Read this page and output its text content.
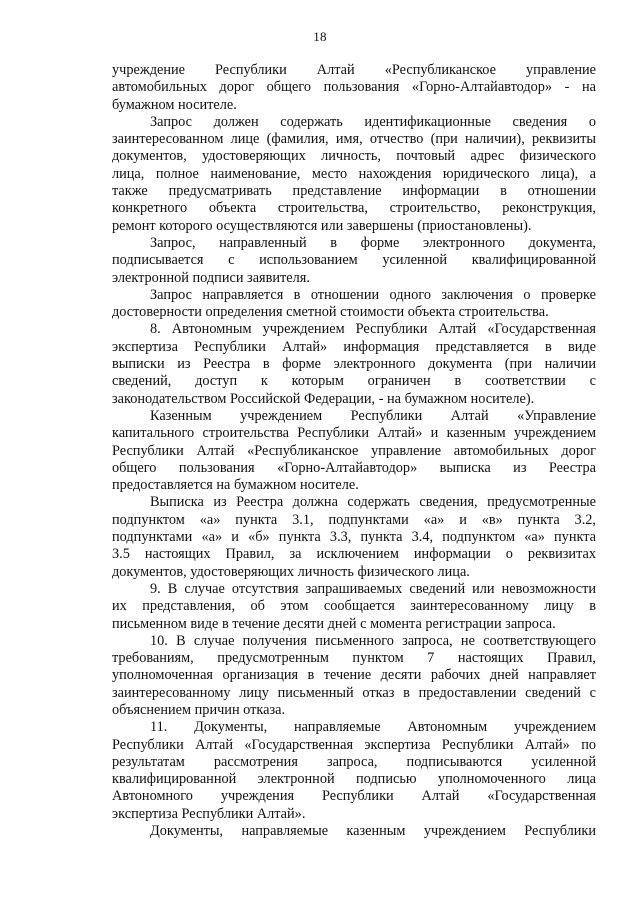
18
учреждение Республики Алтай «Республиканское управление
автомобильных дорог общего пользования «Горно-Алтайавтодор» - на
бумажном носителе.
Запрос должен содержать идентификационные сведения о
заинтересованном лице (фамилия, имя, отчество (при наличии), реквизиты
документов, удостоверяющих личность, почтовый адрес физического
лица, полное наименование, место нахождения юридического лица), а
также предусматривать представление информации в отношении
конкретного объекта строительства, строительство, реконструкция,
ремонт которого осуществляются или завершены (приостановлены).
Запрос, направленный в форме электронного документа,
подписывается с использованием усиленной квалифицированной
электронной подписи заявителя.
Запрос направляется в отношении одного заключения о проверке
достоверности определения сметной стоимости объекта строительства.
8. Автономным учреждением Республики Алтай «Государственная
экспертиза Республики Алтай» информация представляется в виде
выписки из Реестра в форме электронного документа (при наличии
сведений, доступ к которым ограничен в соответствии с
законодательством Российской Федерации, - на бумажном носителе).
Казенным учреждением Республики Алтай «Управление
капитального строительства Республики Алтай» и казенным учреждением
Республики Алтай «Республиканское управление автомобильных дорог
общего пользования «Горно-Алтайавтодор» выписка из Реестра
предоставляется на бумажном носителе.
Выписка из Реестра должна содержать сведения, предусмотренные
подпунктом «а» пункта 3.1, подпунктами «а» и «в» пункта 3.2,
подпунктами «а» и «б» пункта 3.3, пункта 3.4, подпунктом «а» пункта
3.5 настоящих Правил, за исключением информации о реквизитах
документов, удостоверяющих личность физического лица.
9. В случае отсутствия запрашиваемых сведений или невозможности
их представления, об этом сообщается заинтересованному лицу в
письменном виде в течение десяти дней с момента регистрации запроса.
10. В случае получения письменного запроса, не соответствующего
требованиям, предусмотренным пунктом 7 настоящих Правил,
уполномоченная организация в течение десяти рабочих дней направляет
заинтересованному лицу письменный отказ в предоставлении сведений с
объяснением причин отказа.
11. Документы, направляемые Автономным учреждением
Республики Алтай «Государственная экспертиза Республики Алтай» по
результатам рассмотрения запроса, подписываются усиленной
квалифицированной электронной подписью уполномоченного лица
Автономного учреждения Республики Алтай «Государственная
экспертиза Республики Алтай».
Документы, направляемые казенным учреждением Республики
